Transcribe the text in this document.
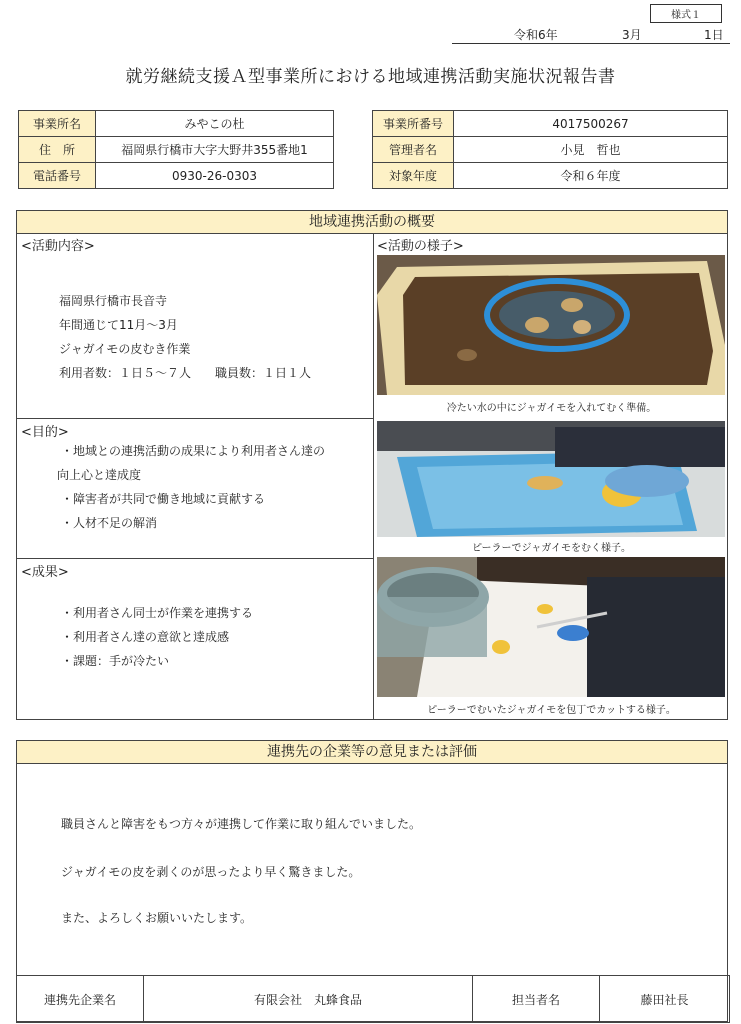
様式１
令和6年	3月	1日
就労継続支援Ａ型事業所における地域連携活動実施状況報告書
事業所名	みやこの杜
住　所	福岡県行橋市大字大野井355番地1
電話番号	0930-26-0303
事業所番号	4017500267
管理者名	小見　哲也
対象年度	令和６年度
地域連携活動の概要
<活動内容>
福岡県行橋市長音寺
年間通じて11月～3月
ジャガイモの皮むき作業
利用者数：１日５～７人　　職員数：１日１人
<目的>
・地域との連携活動の成果により利用者さん達の
向上心と達成度
・障害者が共同で働き地域に貢献する
・人材不足の解消
<成果>
・利用者さん同士が作業を連携する
・利用者さん達の意欲と達成感
・課題：手が冷たい
<活動の様子>
冷たい水の中にジャガイモを入れてむく準備。
ピーラーでジャガイモをむく様子。
ピーラーでむいたジャガイモを包丁でカットする様子。
連携先の企業等の意見または評価
職員さんと障害をもつ方々が連携して作業に取り組んでいました。
ジャガイモの皮を剥くのが思ったより早く驚きました。
また、よろしくお願いいたします。
連携先企業名	有限会社　丸蜂食品	担当者名	藤田社長
